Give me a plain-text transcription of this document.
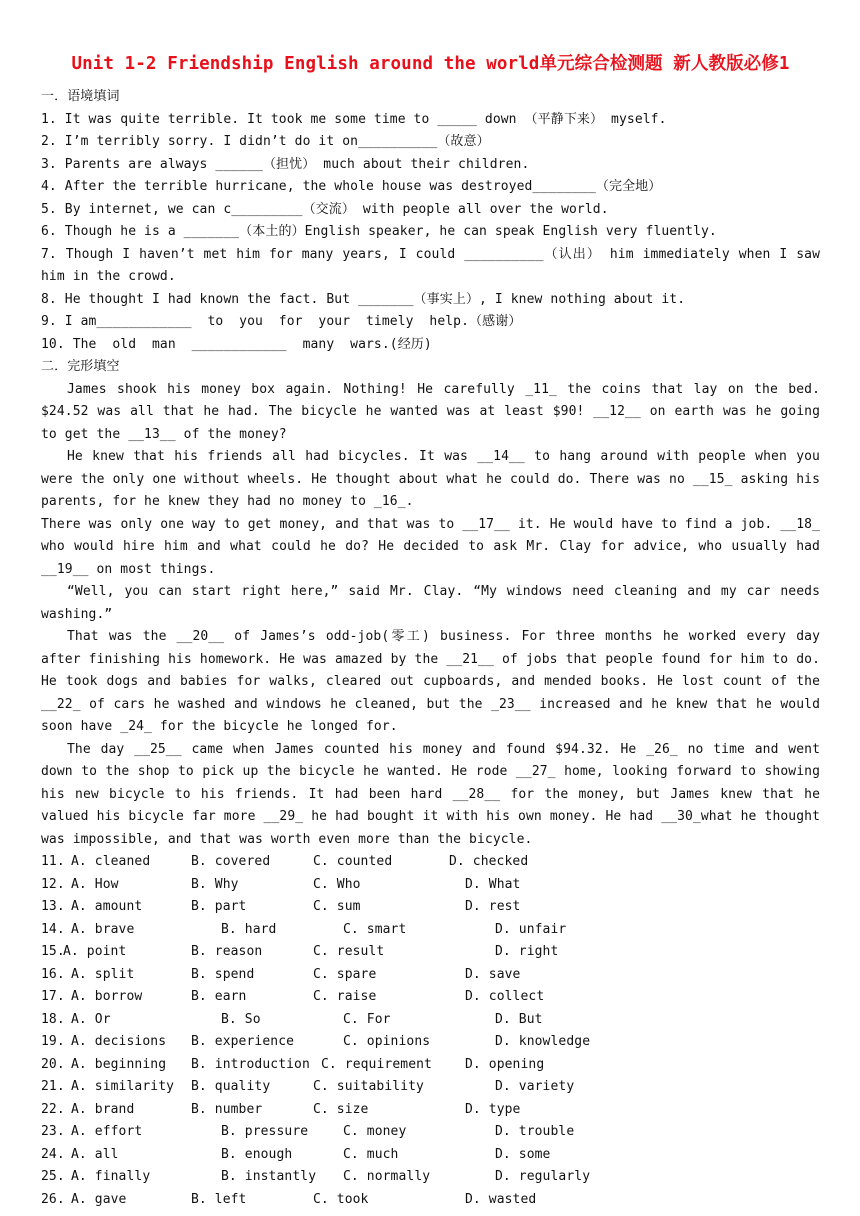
Unit 1-2 Friendship English around the world单元综合检测题 新人教版必修1
一．语境填词
1. It was quite terrible. It took me some time to _____ down （平静下来） myself.
2. I’m terribly sorry. I didn’t do it on__________（故意）
3. Parents are always ______（担忧） much about their children.
4. After the terrible hurricane, the whole house was destroyed________（完全地）
5. By internet, we can c_________（交流） with people all over the world.
6. Though he is a _______（本土的）English speaker, he can speak English very fluently.
7. Though I haven’t met him for many years, I could __________（认出） him immediately when I saw him in the crowd.
8. He thought I had known the fact. But _______（事实上）, I knew nothing about it.
9. I am____________  to  you  for  your  timely  help.（感谢）
10. The  old  man  ____________  many  wars.(经历)
二．完形填空
James shook his money box again. Nothing! He carefully _11_ the coins that lay on the bed. $24.52 was all that he had. The bicycle he wanted was at least $90! __12__ on earth was he going to get the __13__ of the money?
He knew that his friends all had bicycles. It was __14__ to hang around with people when you were the only one without wheels. He thought about what he could do. There was no __15_ asking his parents, for he knew they had no money to _16_.
There was only one way to get money, and that was to __17__ it. He would have to find a job. __18_ who would hire him and what could he do? He decided to ask Mr. Clay for advice, who usually had __19__ on most things.
“Well, you can start right here,” said Mr. Clay. “My windows need cleaning and my car needs washing.”
That was the __20__ of James’s odd-job(零工) business. For three months he worked every day after finishing his homework. He was amazed by the __21__ of jobs that people found for him to do. He took dogs and babies for walks, cleared out cupboards, and mended books. He lost count of the __22_ of cars he washed and windows he cleaned, but the _23__ increased and he knew that he would soon have _24_ for the bicycle he longed for.
The day __25__ came when James counted his money and found $94.32. He _26_ no time and went down to the shop to pick up the bicycle he wanted. He rode __27_ home, looking forward to showing his new bicycle to his friends. It had been hard __28__ for the money, but James knew that he valued his bicycle far more __29_ he had bought it with his own money. He had __30_what he thought was impossible, and that was worth even more than the bicycle.
11. A. cleaned	B. covered	C. counted	D. checked
12. A. How	B. Why	C. Who	D. What
13. A. amount	B. part	C. sum	D. rest
14. A. brave	B. hard	C. smart	D. unfair
15.
A. point	B. reason	C. result	D. right
16. A. split	B. spend	C. spare	D. save
17. A. borrow	B. earn	C. raise	D. collect
18. A. Or	B. So	C. For	D. But
19. A. decisions B. experience	C. opinions	D. knowledge
20. A. beginning B. introduction C. requirement	D. opening
21. A. similarity B. quality	C. suitability	D. variety
22. A. brand	B. number	C. size	D. type
23. A. effort	B. pressure	C. money	D. trouble
24. A. all	B. enough	C. much	D. some
25. A. finally	B. instantly C. normally	D. regularly
26. A. gave	B. left	C. took	D. wasted
